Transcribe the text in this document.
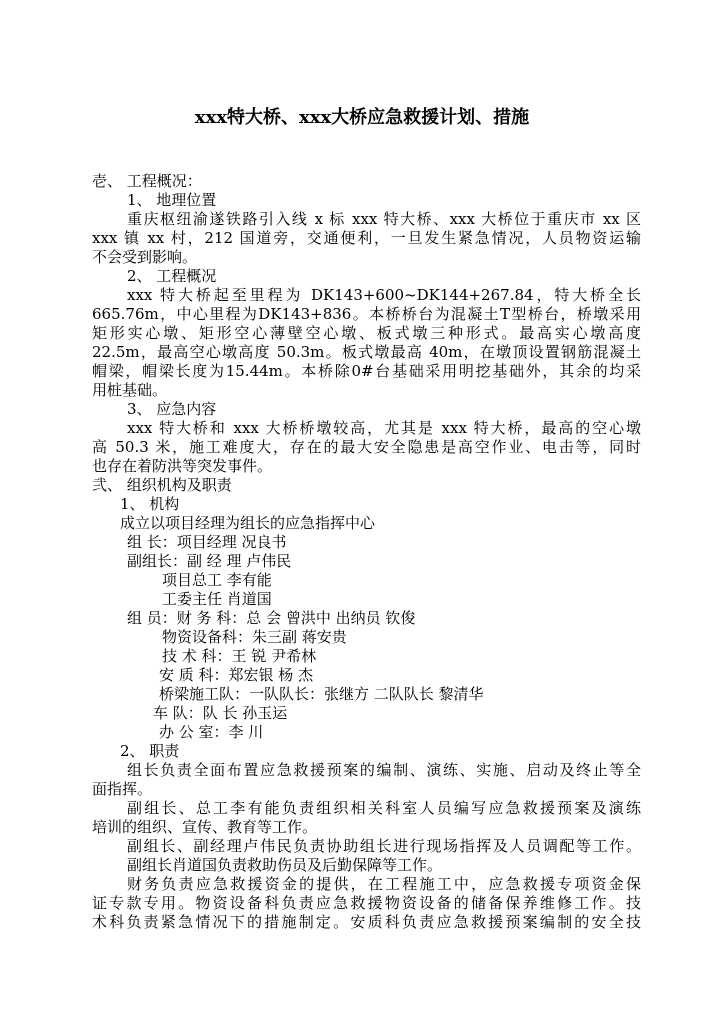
xxx特大桥、xxx大桥应急救援计划、措施
壱、 工程概况：
1、 地理位置
重庆枢纽渝遂铁路引入线 x 标 xxx 特大桥、xxx 大桥位于重庆市 xx 区
xxx 镇 xx 村，212 国道旁，交通便利，一旦发生紧急情况，人员物资运输
不会受到影响。
2、 工程概况
xxx 特大桥起至里程为 DK143+600~DK144+267.84，特大桥全长
665.76m，中心里程为DK143+836。本桥桥台为混凝土T型桥台，桥墩采用
矩形实心墩、矩形空心薄壁空心墩、板式墩三种形式。最高实心墩高度
22.5m，最高空心墩高度 50.3m。板式墩最高 40m，在墩顶设置钢筋混凝土
帽梁，帽梁长度为15.44m。本桥除0#台基础采用明挖基础外，其余的均采
用桩基础。
3、 应急内容
xxx 特大桥和 xxx 大桥桥墩较高，尤其是 xxx 特大桥，最高的空心墩
高 50.3 米，施工难度大，存在的最大安全隐患是高空作业、电击等，同时
也存在着防洪等突发事件。
弐、 组织机构及职责
1、 机构
成立以项目经理为组长的应急指挥中心
组 长：项目经理 况良书
副组长：副 经 理 卢伟民
项目总工 李有能
工委主任 肖道国
组 员：财 务 科：总 会 曾洪中 出纳员 钦俊
物资设备科：朱三副 蒋安贵
技 术 科：王 锐 尹希林
安 质 科：郑宏银 杨 杰
桥梁施工队：一队队长：张继方 二队队长 黎清华
车 队：队 长 孙玉运
办 公 室：李 川
2、 职责
组长负责全面布置应急救援预案的编制、演练、实施、启动及终止等全
面指挥。
副组长、总工李有能负责组织相关科室人员编写应急救援预案及演练
培训的组织、宣传、教育等工作。
副组长、副经理卢伟民负责协助组长进行现场指挥及人员调配等工作。
副组长肖道国负责救助伤员及后勤保障等工作。
财务负责应急救援资金的提供，在工程施工中，应急救援专项资金保
证专款专用。物资设备科负责应急救援物资设备的储备保养维修工作。技
术科负责紧急情况下的措施制定。安质科负责应急救援预案编制的安全技
